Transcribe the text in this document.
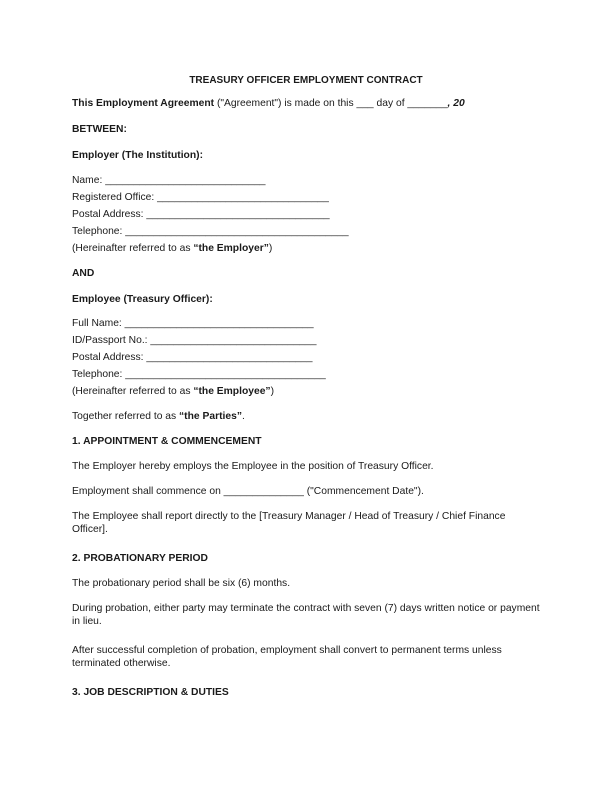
TREASURY OFFICER EMPLOYMENT CONTRACT
This Employment Agreement ("Agreement") is made on this ___ day of _______, 20
BETWEEN:
Employer (The Institution):
Name: ____________________________
Registered Office: ______________________________
Postal Address: ________________________________
Telephone: _______________________________________
(Hereinafter referred to as “the Employer”)
AND
Employee (Treasury Officer):
Full Name: _________________________________
ID/Passport No.: _____________________________
Postal Address: _____________________________
Telephone: ___________________________________
(Hereinafter referred to as “the Employee”)
Together referred to as “the Parties”.
1. APPOINTMENT & COMMENCEMENT
The Employer hereby employs the Employee in the position of Treasury Officer.
Employment shall commence on ______________ ("Commencement Date").
The Employee shall report directly to the [Treasury Manager / Head of Treasury / Chief Finance Officer].
2. PROBATIONARY PERIOD
The probationary period shall be six (6) months.
During probation, either party may terminate the contract with seven (7) days written notice or payment in lieu.
After successful completion of probation, employment shall convert to permanent terms unless terminated otherwise.
3. JOB DESCRIPTION & DUTIES
